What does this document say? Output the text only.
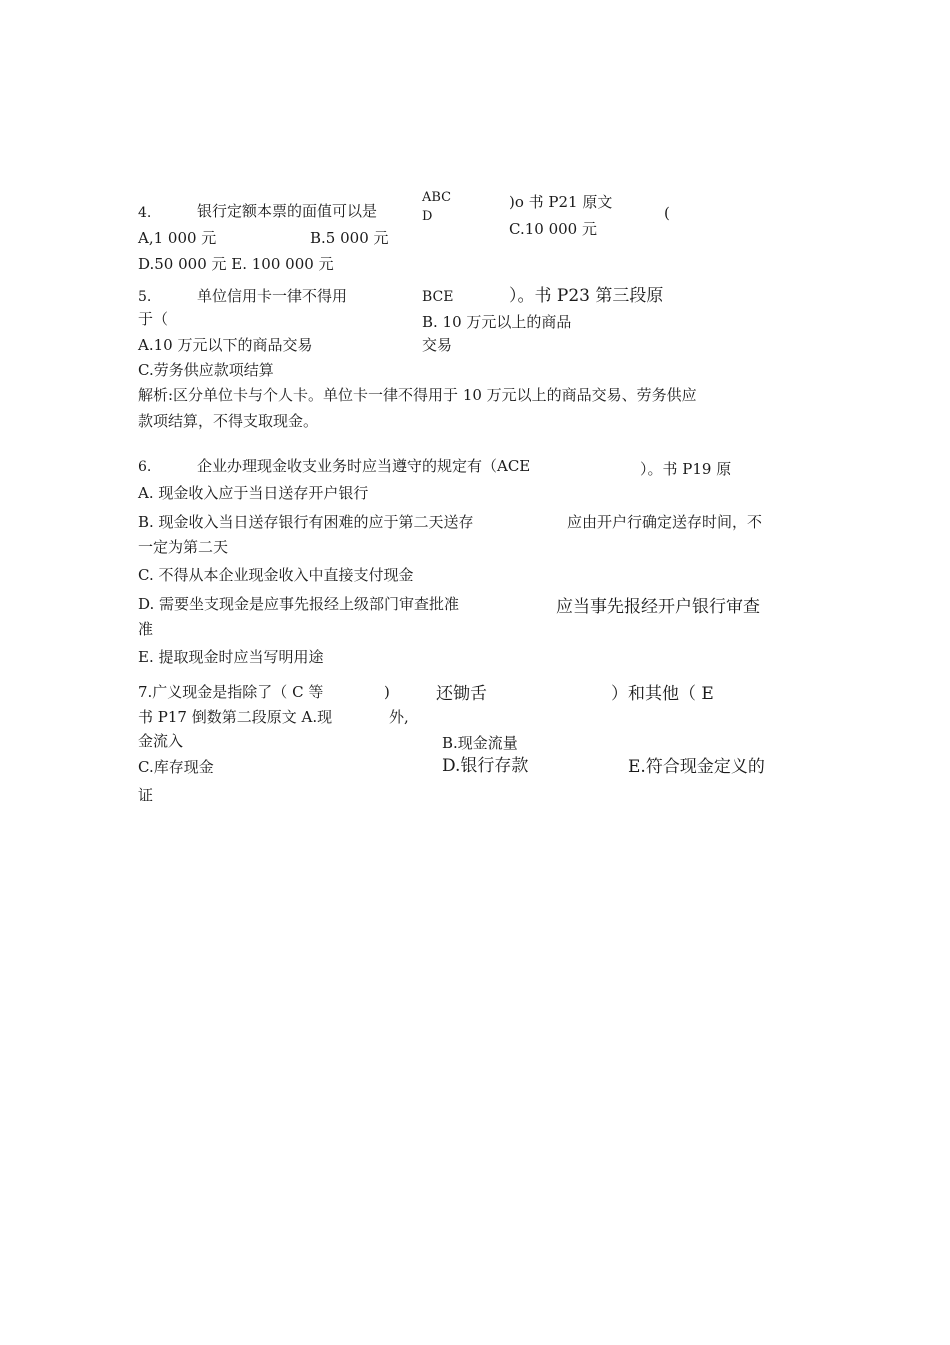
4.	银行定额本票的面值可以是
ABC
D
)o 书 P21 原文
(
A,1 000 元	B.5 000 元	C.10 000 元
D.50 000 元 E. 100 000 元
5.	单位信用卡一律不得用	BCE	）。书 P23 第三段原
于（	B. 10 万元以上的商品
A.10 万元以下的商品交易	交易
C.劳务供应款项结算
解析:区分单位卡与个人卡。单位卡一律不得用于 10 万元以上的商品交易、劳务供应
款项结算，不得支取现金。
6.	企业办理现金收支业务时应当遵守的规定有（ACE	）。书 P19 原
A. 现金收入应于当日送存开户银行
B. 现金收入当日送存银行有困难的应于第二天送存	应由开户行确定送存时间，不
一定为第二天
C. 不得从本企业现金收入中直接支付现金
D. 需要坐支现金是应事先报经上级部门审查批准	应当事先报经开户银行审查
准
E. 提取现金时应当写明用途
7.广义现金是指除了（ C 等	)	还锄舌	）和其他（ E
书 P17 倒数第二段原文 A.现	外,
金流入	B.现金流量
C.库存现金	D.银行存款	E.符合现金定义的
证
